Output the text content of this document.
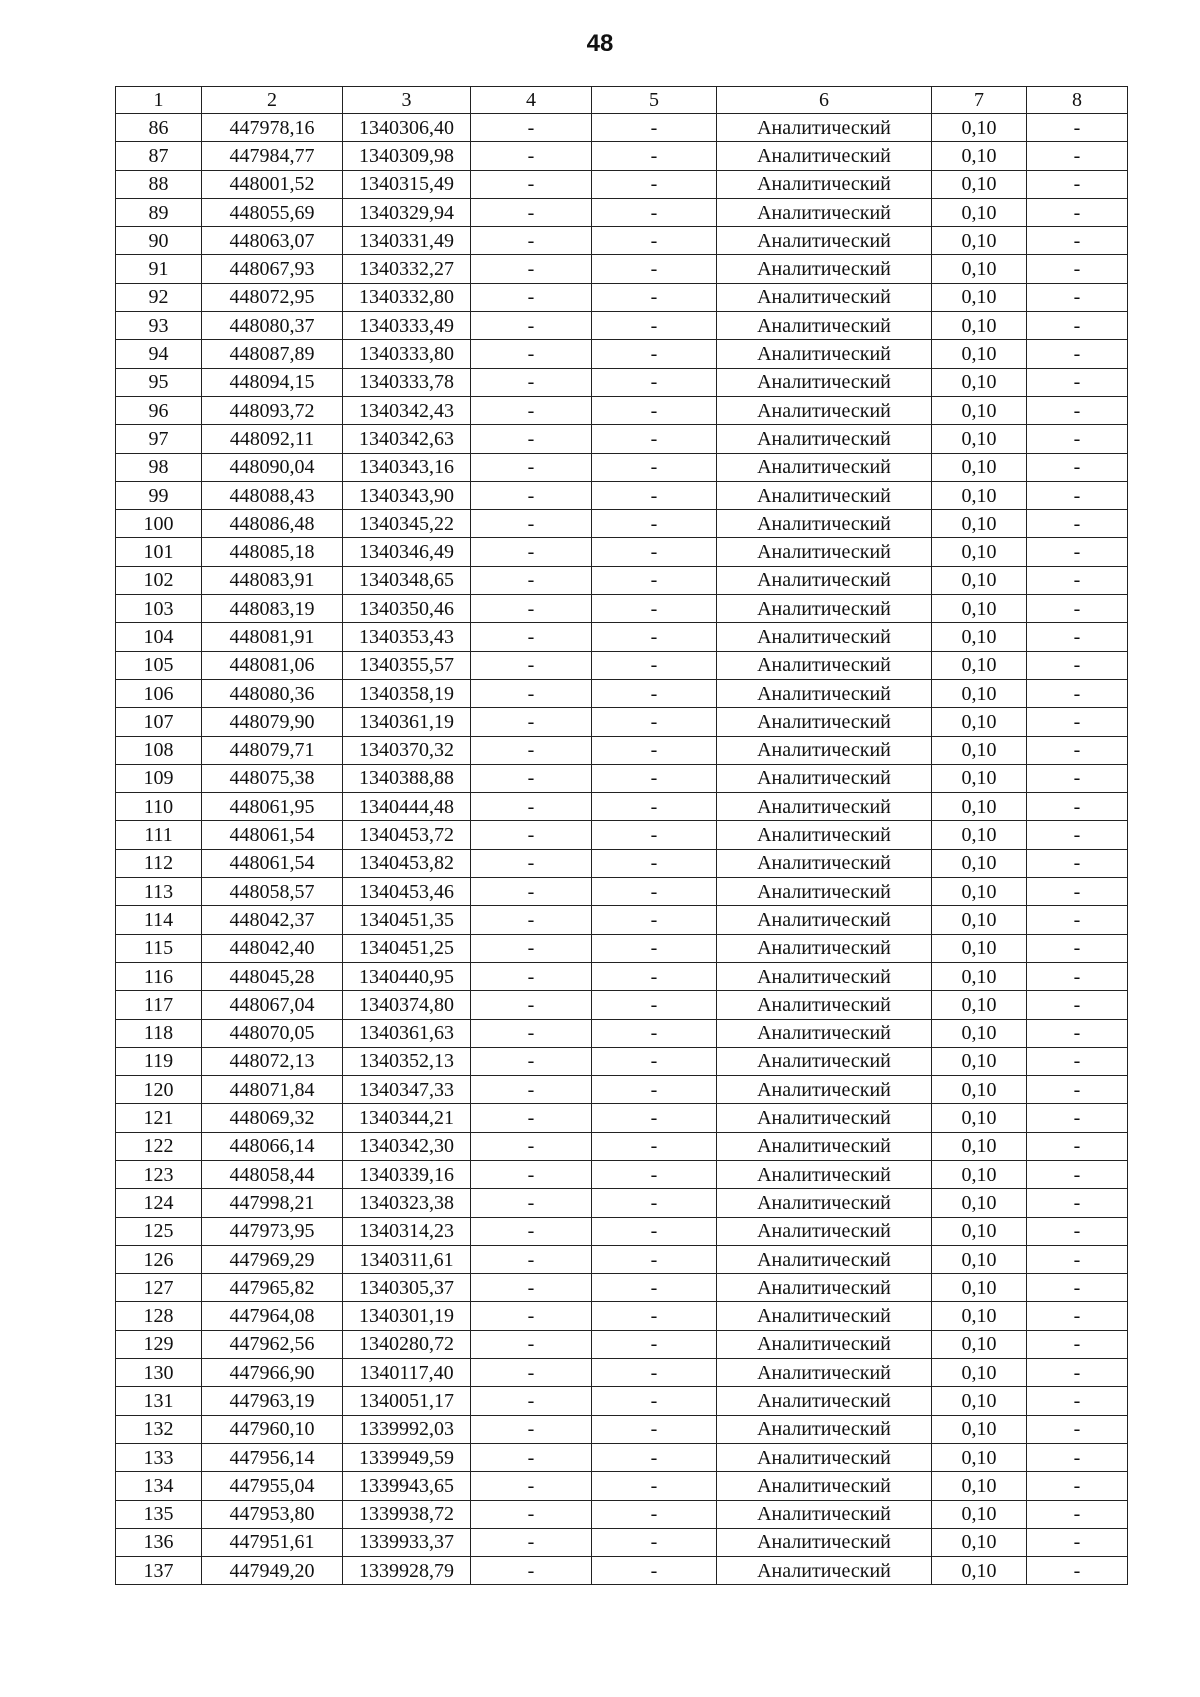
48
1	2	3	4	5	6	7	8
86	447978,16	1340306,40	-	-	Аналитический	0,10	-
87	447984,77	1340309,98	-	-	Аналитический	0,10	-
88	448001,52	1340315,49	-	-	Аналитический	0,10	-
89	448055,69	1340329,94	-	-	Аналитический	0,10	-
90	448063,07	1340331,49	-	-	Аналитический	0,10	-
91	448067,93	1340332,27	-	-	Аналитический	0,10	-
92	448072,95	1340332,80	-	-	Аналитический	0,10	-
93	448080,37	1340333,49	-	-	Аналитический	0,10	-
94	448087,89	1340333,80	-	-	Аналитический	0,10	-
95	448094,15	1340333,78	-	-	Аналитический	0,10	-
96	448093,72	1340342,43	-	-	Аналитический	0,10	-
97	448092,11	1340342,63	-	-	Аналитический	0,10	-
98	448090,04	1340343,16	-	-	Аналитический	0,10	-
99	448088,43	1340343,90	-	-	Аналитический	0,10	-
100	448086,48	1340345,22	-	-	Аналитический	0,10	-
101	448085,18	1340346,49	-	-	Аналитический	0,10	-
102	448083,91	1340348,65	-	-	Аналитический	0,10	-
103	448083,19	1340350,46	-	-	Аналитический	0,10	-
104	448081,91	1340353,43	-	-	Аналитический	0,10	-
105	448081,06	1340355,57	-	-	Аналитический	0,10	-
106	448080,36	1340358,19	-	-	Аналитический	0,10	-
107	448079,90	1340361,19	-	-	Аналитический	0,10	-
108	448079,71	1340370,32	-	-	Аналитический	0,10	-
109	448075,38	1340388,88	-	-	Аналитический	0,10	-
110	448061,95	1340444,48	-	-	Аналитический	0,10	-
111	448061,54	1340453,72	-	-	Аналитический	0,10	-
112	448061,54	1340453,82	-	-	Аналитический	0,10	-
113	448058,57	1340453,46	-	-	Аналитический	0,10	-
114	448042,37	1340451,35	-	-	Аналитический	0,10	-
115	448042,40	1340451,25	-	-	Аналитический	0,10	-
116	448045,28	1340440,95	-	-	Аналитический	0,10	-
117	448067,04	1340374,80	-	-	Аналитический	0,10	-
118	448070,05	1340361,63	-	-	Аналитический	0,10	-
119	448072,13	1340352,13	-	-	Аналитический	0,10	-
120	448071,84	1340347,33	-	-	Аналитический	0,10	-
121	448069,32	1340344,21	-	-	Аналитический	0,10	-
122	448066,14	1340342,30	-	-	Аналитический	0,10	-
123	448058,44	1340339,16	-	-	Аналитический	0,10	-
124	447998,21	1340323,38	-	-	Аналитический	0,10	-
125	447973,95	1340314,23	-	-	Аналитический	0,10	-
126	447969,29	1340311,61	-	-	Аналитический	0,10	-
127	447965,82	1340305,37	-	-	Аналитический	0,10	-
128	447964,08	1340301,19	-	-	Аналитический	0,10	-
129	447962,56	1340280,72	-	-	Аналитический	0,10	-
130	447966,90	1340117,40	-	-	Аналитический	0,10	-
131	447963,19	1340051,17	-	-	Аналитический	0,10	-
132	447960,10	1339992,03	-	-	Аналитический	0,10	-
133	447956,14	1339949,59	-	-	Аналитический	0,10	-
134	447955,04	1339943,65	-	-	Аналитический	0,10	-
135	447953,80	1339938,72	-	-	Аналитический	0,10	-
136	447951,61	1339933,37	-	-	Аналитический	0,10	-
137	447949,20	1339928,79	-	-	Аналитический	0,10	-
